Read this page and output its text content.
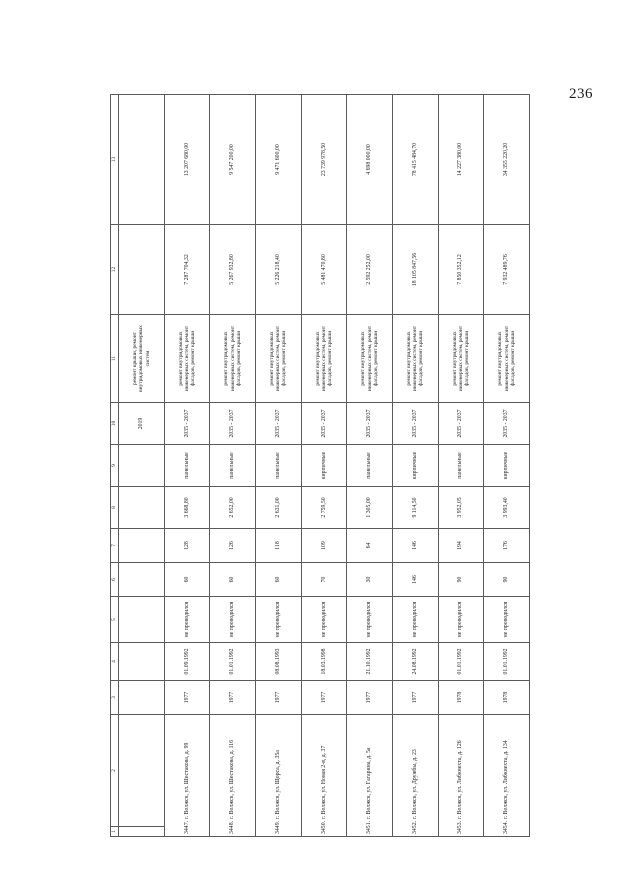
236
1	2	3	4	5	6	7	8	9	10	11	12	13
									2019	ремонт крыши, ремонт внутридомовых инженерных систем		
3447.г. Волжск, ул. Шестакова, д. 99		1977	01.09.1992	не проводился	60	128	3 668,80	панельные	2035 - 2037	ремонт внутридомовых инженерных систем, ремонт фасадов, ремонт крыши	7 287 704,32	13 207 680,00
3448.г. Волжск, ул. Шестакова, д. 116		1977	01.01.1992	не проводился	60	126	2 652,00	панельные	2035 - 2037	ремонт внутридомовых инженерных систем, ремонт фасадов, ремонт крыши	5 267 932,80	9 547 200,00
3449.г. Волжск, ул. Щорса, д. 35а		1977	08.08.1993	не проводился	60	118	2 631,00	панельные	2035 - 2037	ремонт внутридомовых инженерных систем, ремонт фасадов, ремонт крыши	5 226 218,40	9 471 600,00
3450.г. Волжск, ул. Новая 2-я, д. 37		1977	18.03.1998	не проводился	70	109	2 759,50	кирпичные	2035 - 2037	ремонт внутридомовых инженерных систем, ремонт фасадов, ремонт крыши	5 481 470,80	23 739 978,50
3451.г. Волжск, ул. Гагарина, д. 5а		1977	21.10.1992	не проводился	30	64	1 305,00	панельные	2035 - 2037	ремонт внутридомовых инженерных систем, ремонт фасадов, ремонт крыши	2 592 252,00	4 698 000,00
3452.г. Волжск, ул. Дружбы, д. 23		1977	24.08.1992	не проводился	146	146	9 114,50	кирпичные	2035 - 2037	ремонт внутридомовых инженерных систем, ремонт фасадов, ремонт крыши	18 105 847,56	78 415 484,70
3453.г. Волжск, ул. Либкнехта, д. 126		1978	01.01.1992	не проводился	90	194	3 952,05	панельные	2035 - 2037	ремонт внутридомовых инженерных систем, ремонт фасадов, ремонт крыши	7 850 352,12	14 227 380,00
3454.г. Волжск, ул. Либкнехта, д. 134		1978	01.01.1992	не проводился	90	176	3 993,40	кирпичные	2035 - 2037	ремонт внутридомовых инженерных систем, ремонт фасадов, ремонт крыши	7 932 489,76	34 355 220,20
